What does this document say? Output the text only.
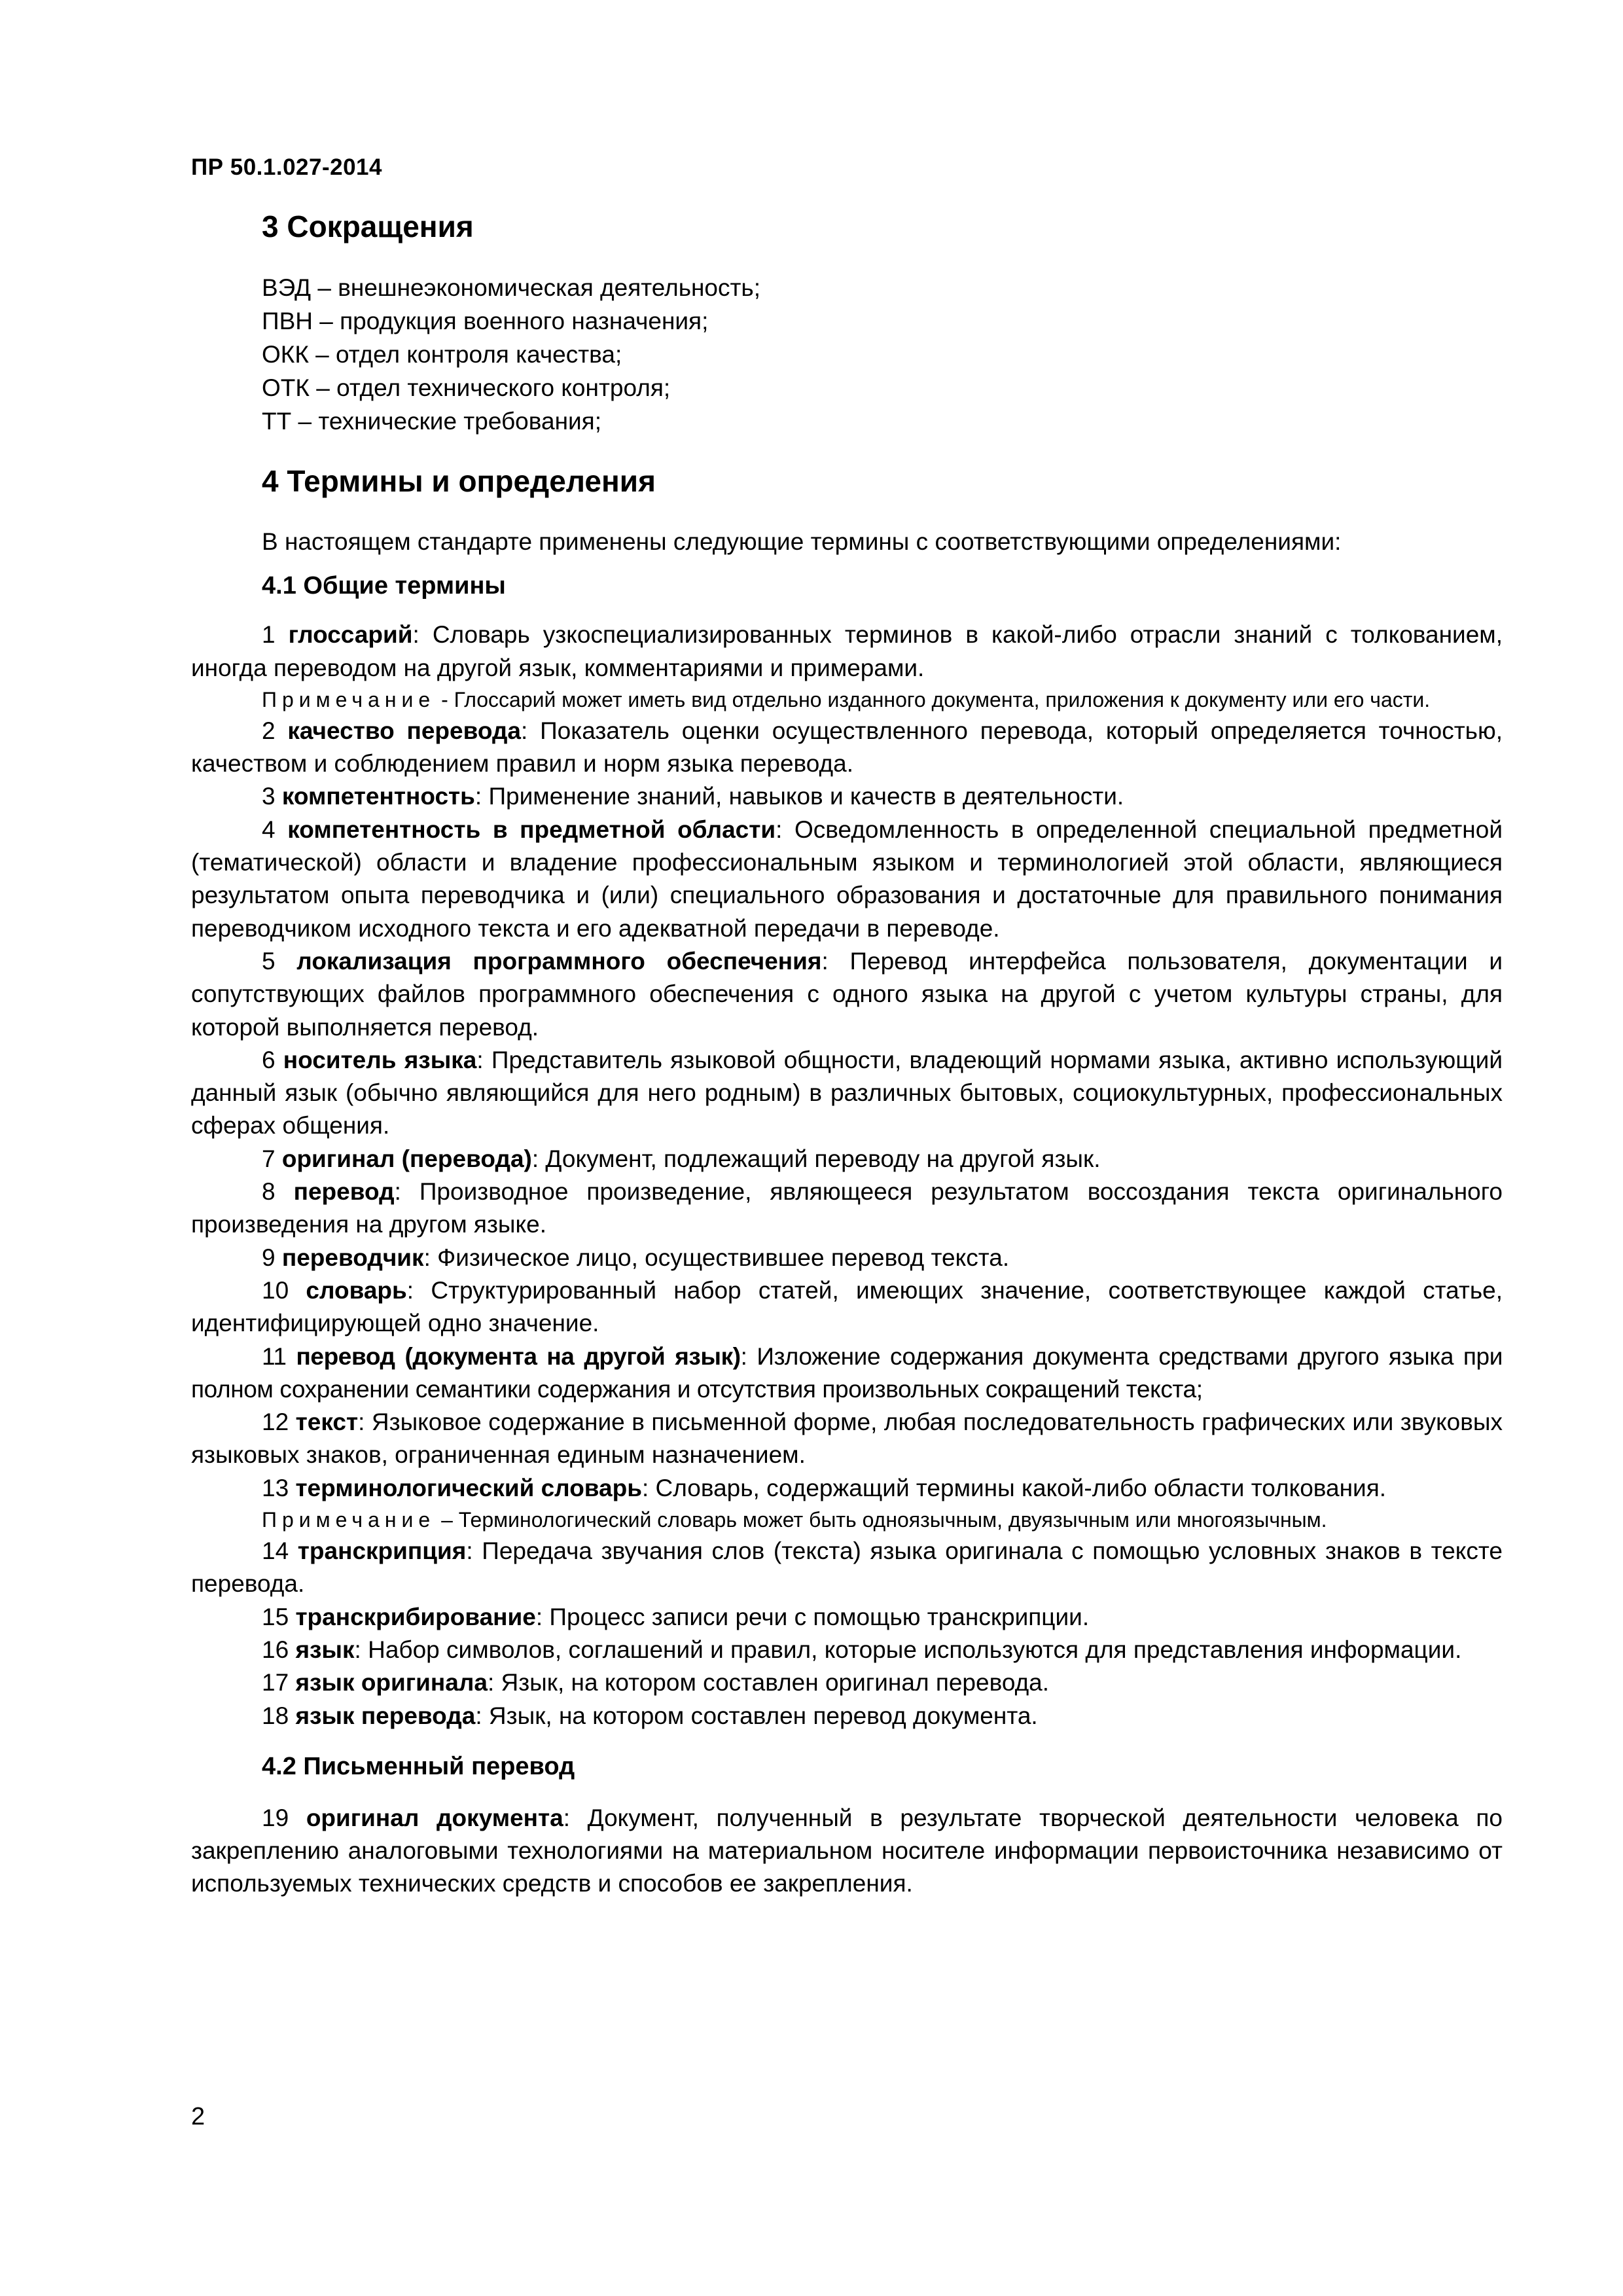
ПР 50.1.027-2014
3 Сокращения
ВЭД – внешнеэкономическая деятельность;
ПВН – продукция военного назначения;
ОКК – отдел контроля качества;
ОТК – отдел технического контроля;
ТТ – технические требования;
4 Термины и определения

В настоящем стандарте применены следующие термины с соответствующими определениями:

4.1 Общие термины

1 глоссарий: Словарь узкоспециализированных терминов в какой-либо отрасли знаний с толкованием, иногда переводом на другой язык, комментариями и примерами.

Примечание - Глоссарий может иметь вид отдельно изданного документа, приложения к документу или его части.

2 качество перевода: Показатель оценки осуществленного перевода, который определяется точностью, качеством и соблюдением правил и норм языка перевода.

3 компетентность: Применение знаний, навыков и качеств в деятельности.

4 компетентность в предметной области: Осведомленность в определенной специальной предметной (тематической) области и владение профессиональным языком и терминологией этой области, являющиеся результатом опыта переводчика и (или) специального образования и достаточные для правильного понимания переводчиком исходного текста и его адекватной передачи в переводе.

5 локализация программного обеспечения: Перевод интерфейса пользователя, документации и сопутствующих файлов программного обеспечения с одного языка на другой с учетом культуры страны, для которой выполняется перевод.

6 носитель языка: Представитель языковой общности, владеющий нормами языка, активно использующий данный язык (обычно являющийся для него родным) в различных бытовых, социокультурных, профессиональных сферах общения.

7 оригинал (перевода): Документ, подлежащий переводу на другой язык.

8 перевод: Производное произведение, являющееся результатом воссоздания текста оригинального произведения на другом языке.

9 переводчик: Физическое лицо, осуществившее перевод текста.

10 словарь: Структурированный набор статей, имеющих значение, соответствующее каждой статье, идентифицирующей одно значение.

11 перевод (документа на другой язык): Изложение содержания документа средствами другого языка при полном сохранении семантики содержания и отсутствия произвольных сокращений текста;

12 текст: Языковое содержание в письменной форме, любая последовательность графических или звуковых языковых знаков, ограниченная единым назначением.

13 терминологический словарь: Словарь, содержащий термины какой-либо области толкования.

Примечание – Терминологический словарь может быть одноязычным, двуязычным или многоязычным.

14 транскрипция: Передача звучания слов (текста) языка оригинала с помощью условных знаков в тексте перевода.

15 транскрибирование: Процесс записи речи с помощью транскрипции.

16 язык: Набор символов, соглашений и правил, которые используются для представления информации.

17 язык оригинала: Язык, на котором составлен оригинал перевода.

18 язык перевода: Язык, на котором составлен перевод документа.

4.2 Письменный перевод

19 оригинал документа: Документ, полученный в результате творческой деятельности человека по закреплению аналоговыми технологиями на материальном носителе информации первоисточника независимо от используемых технических средств и способов ее закрепления.

2
